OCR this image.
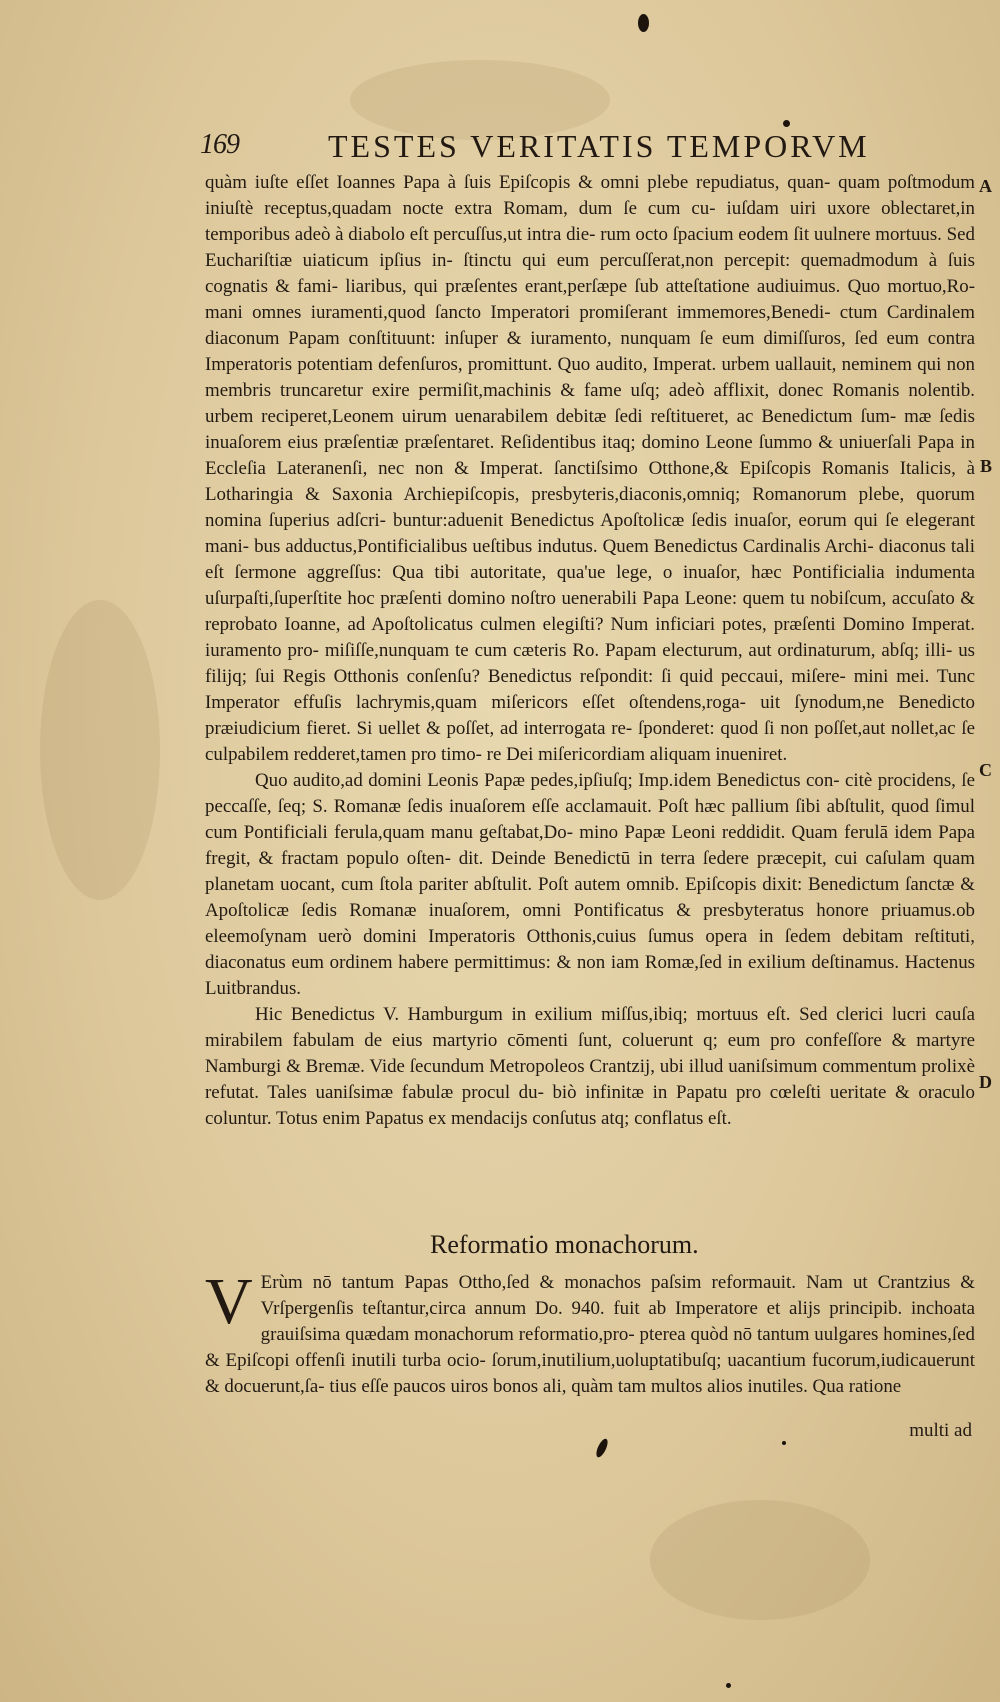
169	TESTES VERITATIS TEMPORVM

quàm iuſte eſſet Ioannes Papa à ſuis Epiſcopis & omni plebe repudiatus, quan- quam poſtmodum iniuſtè receptus,quadam nocte extra Romam, dum ſe cum cu- iuſdam uiri uxore oblectaret,in temporibus adeò à diabolo eſt percuſſus,ut intra die- rum octo ſpacium eodem ſit uulnere mortuus. Sed Euchariſtiæ uiaticum ipſius in- ſtinctu qui eum percuſſerat,non percepit: quemadmodum à ſuis cognatis & fami- liaribus, qui præſentes erant,perſæpe ſub atteſtatione audiuimus. Quo mortuo,Ro- mani omnes iuramenti,quod ſancto Imperatori promiſerant immemores,Benedi- ctum Cardinalem diaconum Papam conſtituunt: inſuper & iuramento, nunquam ſe eum dimiſſuros, ſed eum contra Imperatoris potentiam defenſuros, promittunt. Quo audito, Imperat. urbem uallauit, neminem qui non membris truncaretur exire permiſit,machinis & fame uſq; adeò afflixit, donec Romanis nolentib. urbem reciperet,Leonem uirum uenarabilem debitæ ſedi reſtitueret, ac Benedictum ſum- mæ ſedis inuaſorem eius præſentiæ præſentaret. Reſidentibus itaq; domino Leone ſummo & uniuerſali Papa in Eccleſia Lateranenſi, nec non & Imperat. ſanctiſsimo Otthone,& Epiſcopis Romanis Italicis, à Lotharingia & Saxonia Archiepiſcopis, presbyteris,diaconis,omniq; Romanorum plebe, quorum nomina ſuperius adſcri- buntur:aduenit Benedictus Apoſtolicæ ſedis inuaſor, eorum qui ſe elegerant mani- bus adductus,Pontificialibus ueſtibus indutus. Quem Benedictus Cardinalis Archi- diaconus tali eſt ſermone aggreſſus: Qua tibi autoritate, qua'ue lege, o inuaſor, hæc Pontificialia indumenta uſurpaſti,ſuperſtite hoc præſenti domino noſtro uenerabili Papa Leone: quem tu nobiſcum, accuſato & reprobato Ioanne, ad Apoſtolicatus culmen elegiſti? Num inficiari potes, præſenti Domino Imperat. iuramento pro- miſiſſe,nunquam te cum cæteris Ro. Papam electurum, aut ordinaturum, abſq; illi- us filijq; ſui Regis Otthonis conſenſu? Benedictus reſpondit: ſi quid peccaui, miſere- mini mei. Tunc Imperator effuſis lachrymis,quam miſericors eſſet oſtendens,roga- uit ſynodum,ne Benedicto præiudicium fieret. Si uellet & poſſet, ad interrogata re- ſponderet: quod ſi non poſſet,aut nollet,ac ſe culpabilem redderet,tamen pro timo- re Dei miſericordiam aliquam inueniret.

Quo audito,ad domini Leonis Papæ pedes,ipſiuſq; Imp.idem Benedictus con- citè procidens, ſe peccaſſe, ſeq; S. Romanæ ſedis inuaſorem eſſe acclamauit. Poſt hæc pallium ſibi abſtulit, quod ſimul cum Pontificiali ferula,quam manu geſtabat,Do- mino Papæ Leoni reddidit. Quam ferulā idem Papa fregit, & fractam populo oſten- dit. Deinde Benedictū in terra ſedere præcepit, cui caſulam quam planetam uocant, cum ſtola pariter abſtulit. Poſt autem omnib. Epiſcopis dixit: Benedictum ſanctæ & Apoſtolicæ ſedis Romanæ inuaſorem, omni Pontificatus & presbyteratus honore priuamus.ob eleemoſynam uerò domini Imperatoris Otthonis,cuius ſumus opera in ſedem debitam reſtituti, diaconatus eum ordinem habere permittimus: & non iam Romæ,ſed in exilium deſtinamus. Hactenus Luitbrandus.

Hic Benedictus V. Hamburgum in exilium miſſus,ibiq; mortuus eſt. Sed clerici lucri cauſa mirabilem fabulam de eius martyrio cōmenti ſunt, coluerunt q; eum pro confeſſore & martyre Namburgi & Bremæ. Vide ſecundum Metropoleos Crantzij, ubi illud uaniſsimum commentum prolixè refutat. Tales uaniſsimæ fabulæ procul du- biò infinitæ in Papatu pro cœleſti ueritate & oraculo coluntur. Totus enim Papatus ex mendacijs conſutus atq; conflatus eſt.

Reformatio monachorum.
V Erùm nō tantum Papas Ottho,ſed & monachos paſsim reformauit. Nam ut Crantzius & Vrſpergenſis teſtantur,circa annum Do. 940. fuit ab Imperatore et alijs principib. inchoata grauiſsima quædam monachorum reformatio,pro- pterea quòd nō tantum uulgares homines,ſed & Epiſcopi offenſi inutili turba ocio- ſorum,inutilium,uoluptatibuſq; uacantium fucorum,iudicauerunt & docuerunt,ſa- tius eſſe paucos uiros bonos ali, quàm tam multos alios inutiles. Qua ratione
multi ad
A
B
C
D
